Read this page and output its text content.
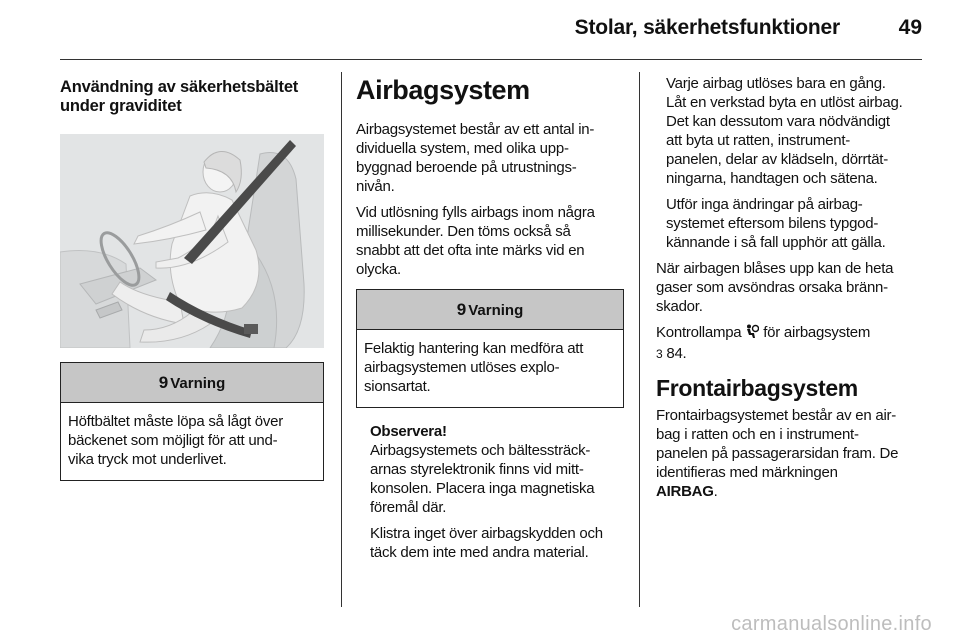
Stolar, säkerhetsfunktioner	49
Användning av säkerhetsbältet
under graviditet
9 Varning

Höftbältet måste löpa så lågt över
bäckenet som möjligt för att und-
vika tryck mot underlivet.

Airbagsystem

Airbagsystemet består av ett antal in-
dividuella system, med olika upp-
byggnad beroende på utrustnings-
nivån.

Vid utlösning fylls airbags inom några
millisekunder. Den töms också så
snabbt att det ofta inte märks vid en
olycka.

9 Varning

Felaktig hantering kan medföra att
airbagsystemen utlöses explo-
sionsartat.

Observera!

Airbagsystemets och bältessträck-
arnas styrelektronik finns vid mitt-
konsolen. Placera inga magnetiska
föremål där.

Klistra inget över airbagskydden och
täck dem inte med andra material.

Varje airbag utlöses bara en gång.
Låt en verkstad byta en utlöst airbag.
Det kan dessutom vara nödvändigt
att byta ut ratten, instrument-
panelen, delar av klädseln, dörrtät-
ningarna, handtagen och sätena.

Utför inga ändringar på airbag-
systemet eftersom bilens typgod-
kännande i så fall upphör att gälla.

När airbagen blåses upp kan de heta
gaser som avsöndras orsaka bränn-
skador.

Kontrollampa  för airbagsystem
3 84.

Frontairbagsystem

Frontairbagsystemet består av en air-
bag i ratten och en i instrument-
panelen på passagerarsidan fram. De
identifieras med märkningen
AIRBAG.

carmanualsonline.info
